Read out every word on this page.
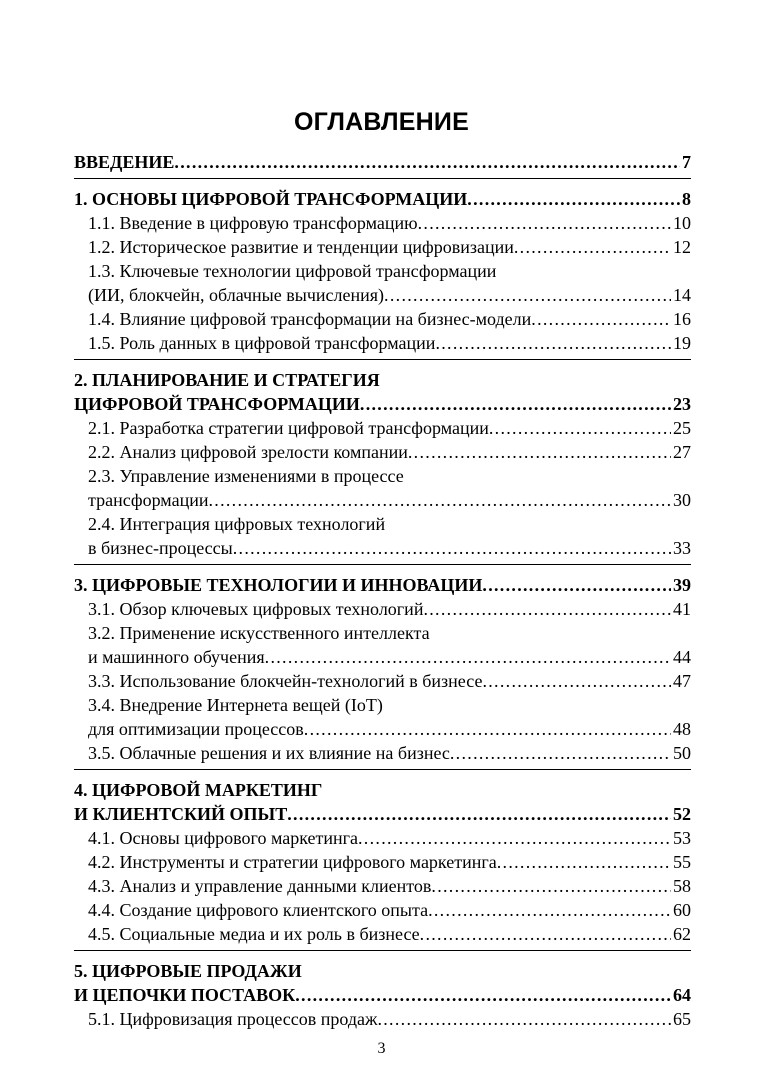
ОГЛАВЛЕНИЕ
ВВЕДЕНИЕ . . .	7
1. ОСНОВЫ ЦИФРОВОЙ ТРАНСФОРМАЦИИ . . .	8
1.1. Введение в цифровую трансформацию . . .	10
1.2. Историческое развитие и тенденции цифровизации . . .	12
1.3. Ключевые технологии цифровой трансформации
(ИИ, блокчейн, облачные вычисления) . . .	14
1.4. Влияние цифровой трансформации на бизнес-модели . . .	16
1.5. Роль данных в цифровой трансформации . . .	19
2. ПЛАНИРОВАНИЕ И СТРАТЕГИЯ
ЦИФРОВОЙ ТРАНСФОРМАЦИИ . . .	23
2.1. Разработка стратегии цифровой трансформации . . .	25
2.2. Анализ цифровой зрелости компании . . .	27
2.3. Управление изменениями в процессе
трансформации . . .	30
2.4. Интеграция цифровых технологий
в бизнес-процессы . . .	33
3. ЦИФРОВЫЕ ТЕХНОЛОГИИ И ИННОВАЦИИ . . .	39
3.1. Обзор ключевых цифровых технологий . . .	41
3.2. Применение искусственного интеллекта
и машинного обучения . . .	44
3.3. Использование блокчейн-технологий в бизнесе . . .	47
3.4. Внедрение Интернета вещей (IoT)
для оптимизации процессов . . .	48
3.5. Облачные решения и их влияние на бизнес . . .	50
4. ЦИФРОВОЙ МАРКЕТИНГ
И КЛИЕНТСКИЙ ОПЫТ . . .	52
4.1. Основы цифрового маркетинга . . .	53
4.2. Инструменты и стратегии цифрового маркетинга . . .	55
4.3. Анализ и управление данными клиентов . . .	58
4.4. Создание цифрового клиентского опыта . . .	60
4.5. Социальные медиа и их роль в бизнесе . . .	62
5. ЦИФРОВЫЕ ПРОДАЖИ
И ЦЕПОЧКИ ПОСТАВОК . . .	64
5.1. Цифровизация процессов продаж . . .	65
3
